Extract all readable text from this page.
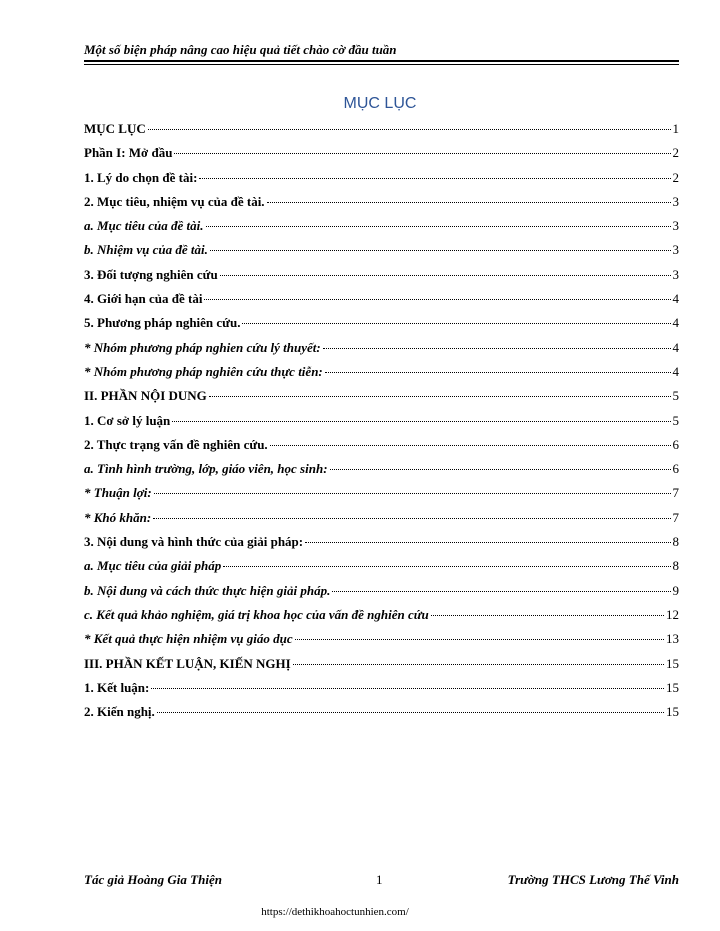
Một số biện pháp nâng cao hiệu quả tiết chào cờ đầu tuần
MỤC LỤC
MỤC LỤC	1
Phần I: Mở đầu	2
1. Lý do chọn đề tài:	2
2. Mục tiêu, nhiệm vụ của đề tài.	3
a. Mục tiêu của đề tài.	3
b. Nhiệm vụ của đề tài.	3
3. Đối tượng nghiên cứu	3
4. Giới hạn của đề tài	4
5. Phương pháp nghiên cứu.	4
* Nhóm phương pháp nghien cứu lý thuyết:	4
* Nhóm phương pháp nghiên cứu thực tiễn:	4
II. PHẦN NỘI DUNG	5
1. Cơ sở lý luận	5
2. Thực trạng vấn đề nghiên cứu.	6
a. Tình hình trường, lớp, giáo viên, học sinh:	6
* Thuận lợi:	7
* Khó khăn:	7
3. Nội dung và hình thức của giải pháp:	8
a. Mục tiêu của giải pháp	8
b. Nội dung và cách thức thực hiện giải pháp.	9
c. Kết quả khảo nghiệm, giá trị khoa học của vấn đề nghiên cứu	12
* Kết quả thực hiện nhiệm vụ giáo dục	13
III. PHẦN KẾT LUẬN, KIẾN NGHỊ	15
1. Kết luận:	15
2. Kiến nghị.	15
Tác giả Hoàng Gia Thiện	1	Trường THCS Lương Thế Vinh
https://dethikhoahoctunhien.com/
